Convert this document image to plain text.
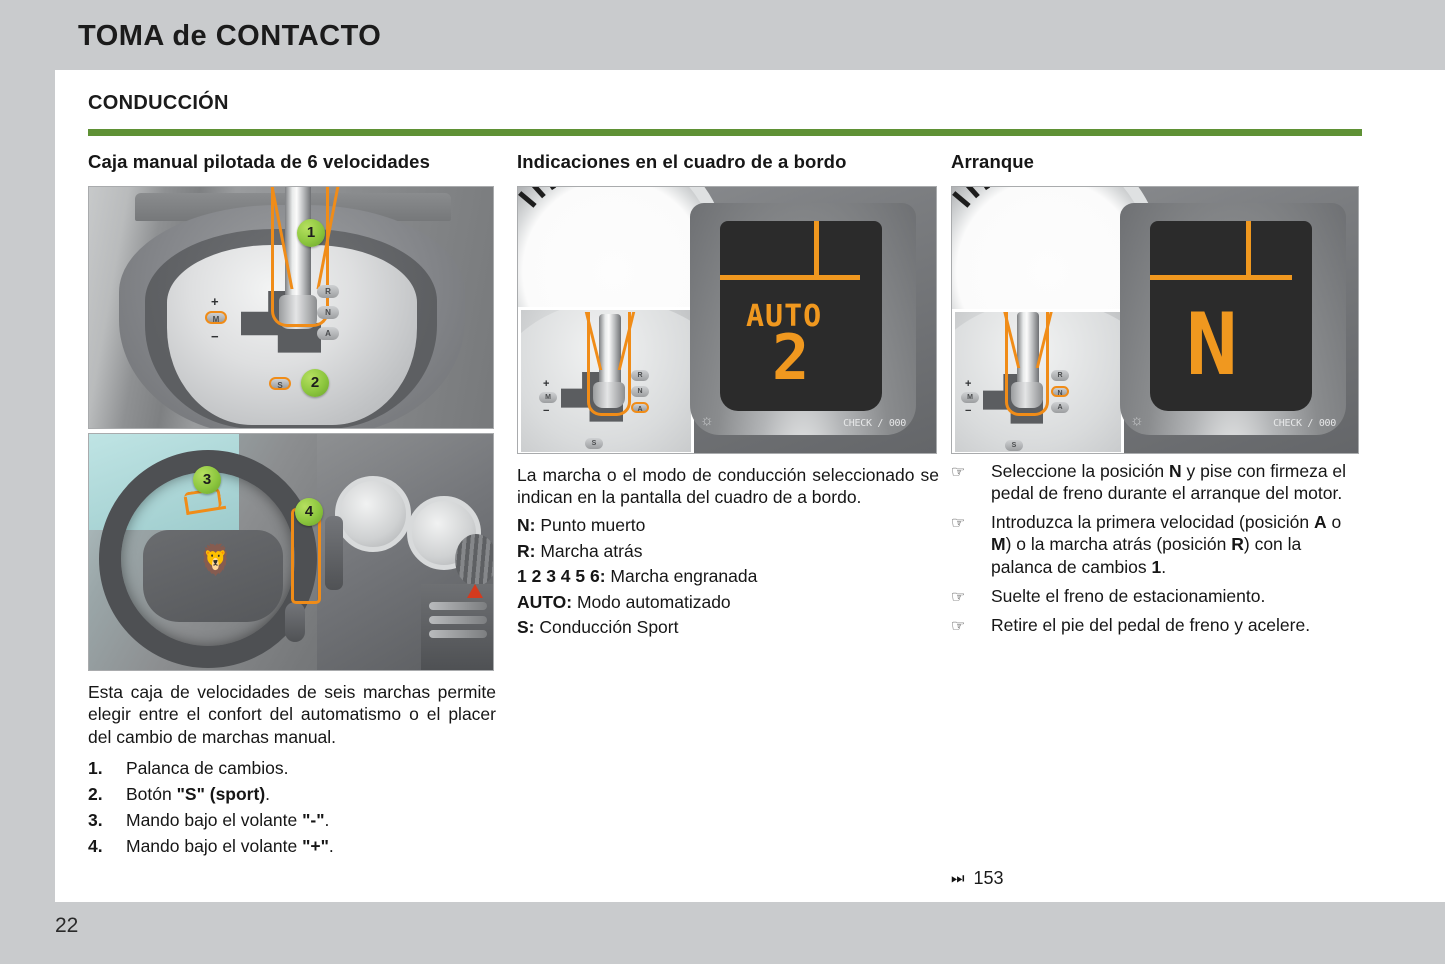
TOMA de CONTACTO
CONDUCCIÓN
Caja manual pilotada de 6 velocidades
R
N
A
+
M
−
S
1
2
🦁
3
4

Esta caja de velocidades de seis marchas permite elegir entre el confort del automatismo o el placer del cambio de marchas manual.

1.	Palanca de cambios.
2.	Botón "S" (sport).
3.	Mando bajo el volante "-".
4.	Mando bajo el volante "+".
Indicaciones en el cuadro de a bordo
R
N
A
+
M
−
S
AUTO
2
CHECK / 000
☼

La marcha o el modo de conducción seleccionado se indican en la pantalla del cuadro de a bordo.

N: Punto muerto
R: Marcha atrás
1 2 3 4 5 6: Marcha engranada
AUTO: Modo automatizado
S: Conducción Sport
Arranque
R
N
A
+
M
−
S
N
CHECK / 000
☼
☞	Seleccione la posición N y pise con firmeza el pedal de freno durante el arranque del motor.
☞	Introduzca la primera velocidad (posición A o M) o la marcha atrás (posición R) con la palanca de cambios 1.
☞	Suelte el freno de estacionamiento.
☞	Retire el pie del pedal de freno y acelere.
⏭ 153
22
